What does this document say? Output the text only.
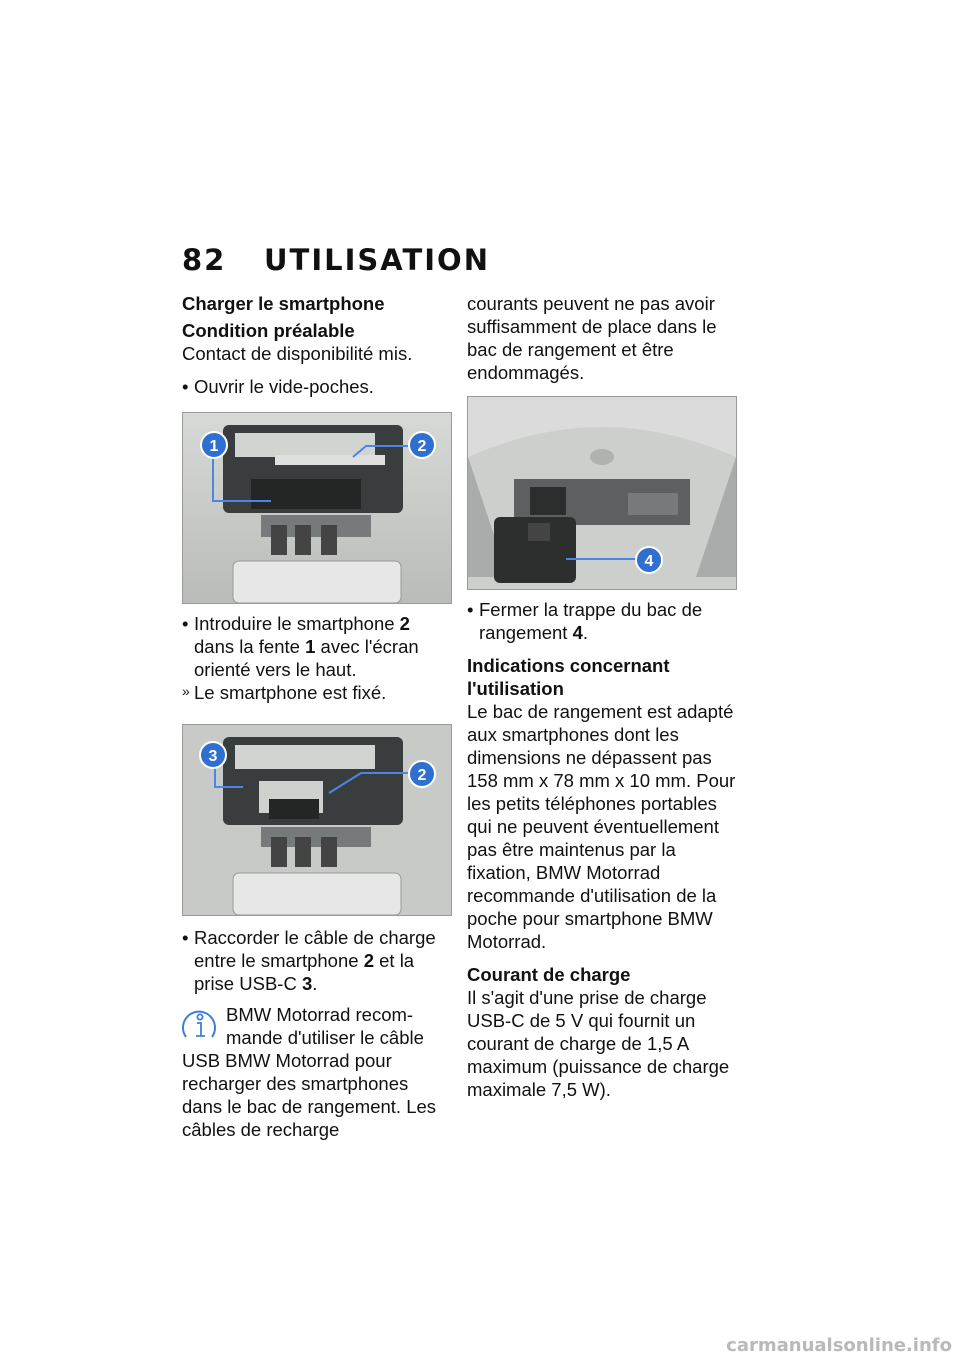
82 UTILISATION

Charger le smartphone

Condition préalable

Contact de disponibilité mis.

• Ouvrir le vide-poches.

1	2

• Introduire le smartphone 2 dans la fente 1 avec l'écran orienté vers le haut.

» Le smartphone est fixé.

3
2

• Raccorder le câble de charge entre le smartphone 2 et la prise USB-C 3.

BMW Motorrad recommande d'utiliser le câble USB BMW Motorrad pour recharger des smartphones dans le bac de rangement. Les câbles de recharge

courants peuvent ne pas avoir suffisamment de place dans le bac de rangement et être endommagés.

4

• Fermer la trappe du bac de rangement 4.

Indications concernant l'utilisation

Le bac de rangement est adapté aux smartphones dont les dimensions ne dépassent pas 158 mm x 78 mm x 10 mm. Pour les petits téléphones portables qui ne peuvent éventuellement pas être maintenus par la fixation, BMW Motorrad recommande d'utilisation de la poche pour smartphone BMW Motorrad.

Courant de charge

Il s'agit d'une prise de charge USB-C de 5 V qui fournit un courant de charge de 1,5 A maximum (puissance de charge maximale 7,5 W).

carmanualsonline.info
